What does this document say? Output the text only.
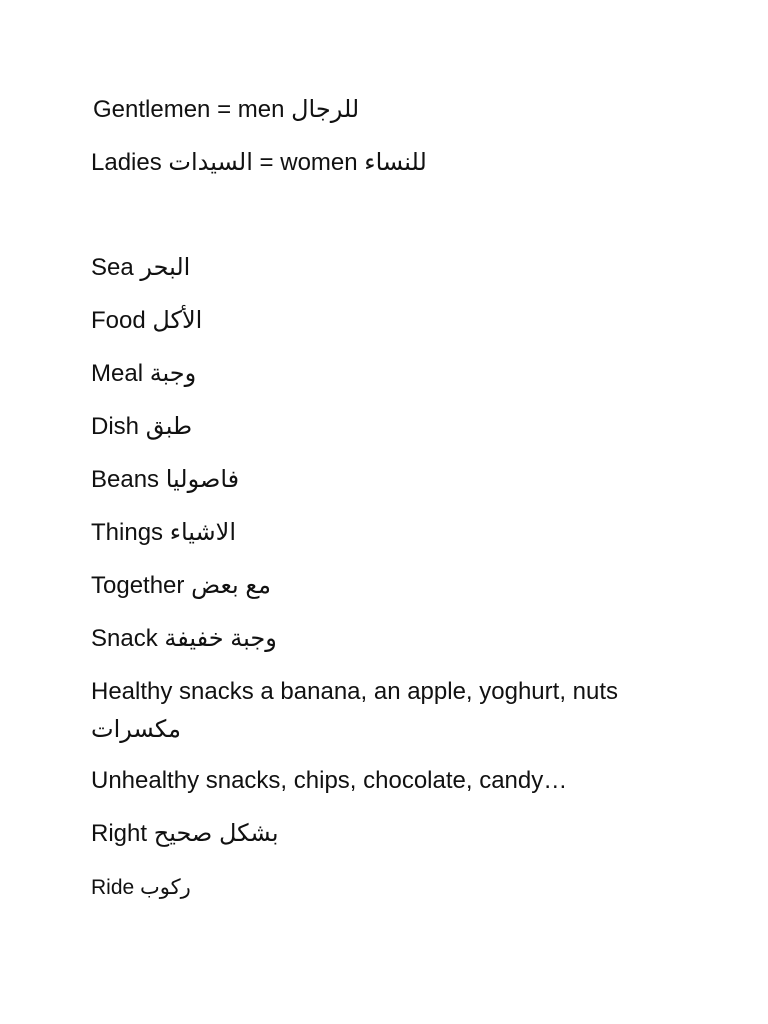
Gentlemen = men للرجال
Ladies السيدات = women للنساء
Sea البحر
Food الأكل
Meal وجبة
Dish طبق
Beans فاصوليا
Things الاشياء
Together مع بعض
Snack وجبة خفيفة
Healthy snacks a banana, an apple, yoghurt, nuts
مكسرات
Unhealthy snacks, chips, chocolate, candy…
Right بشكل صحيح
Ride ركوب
